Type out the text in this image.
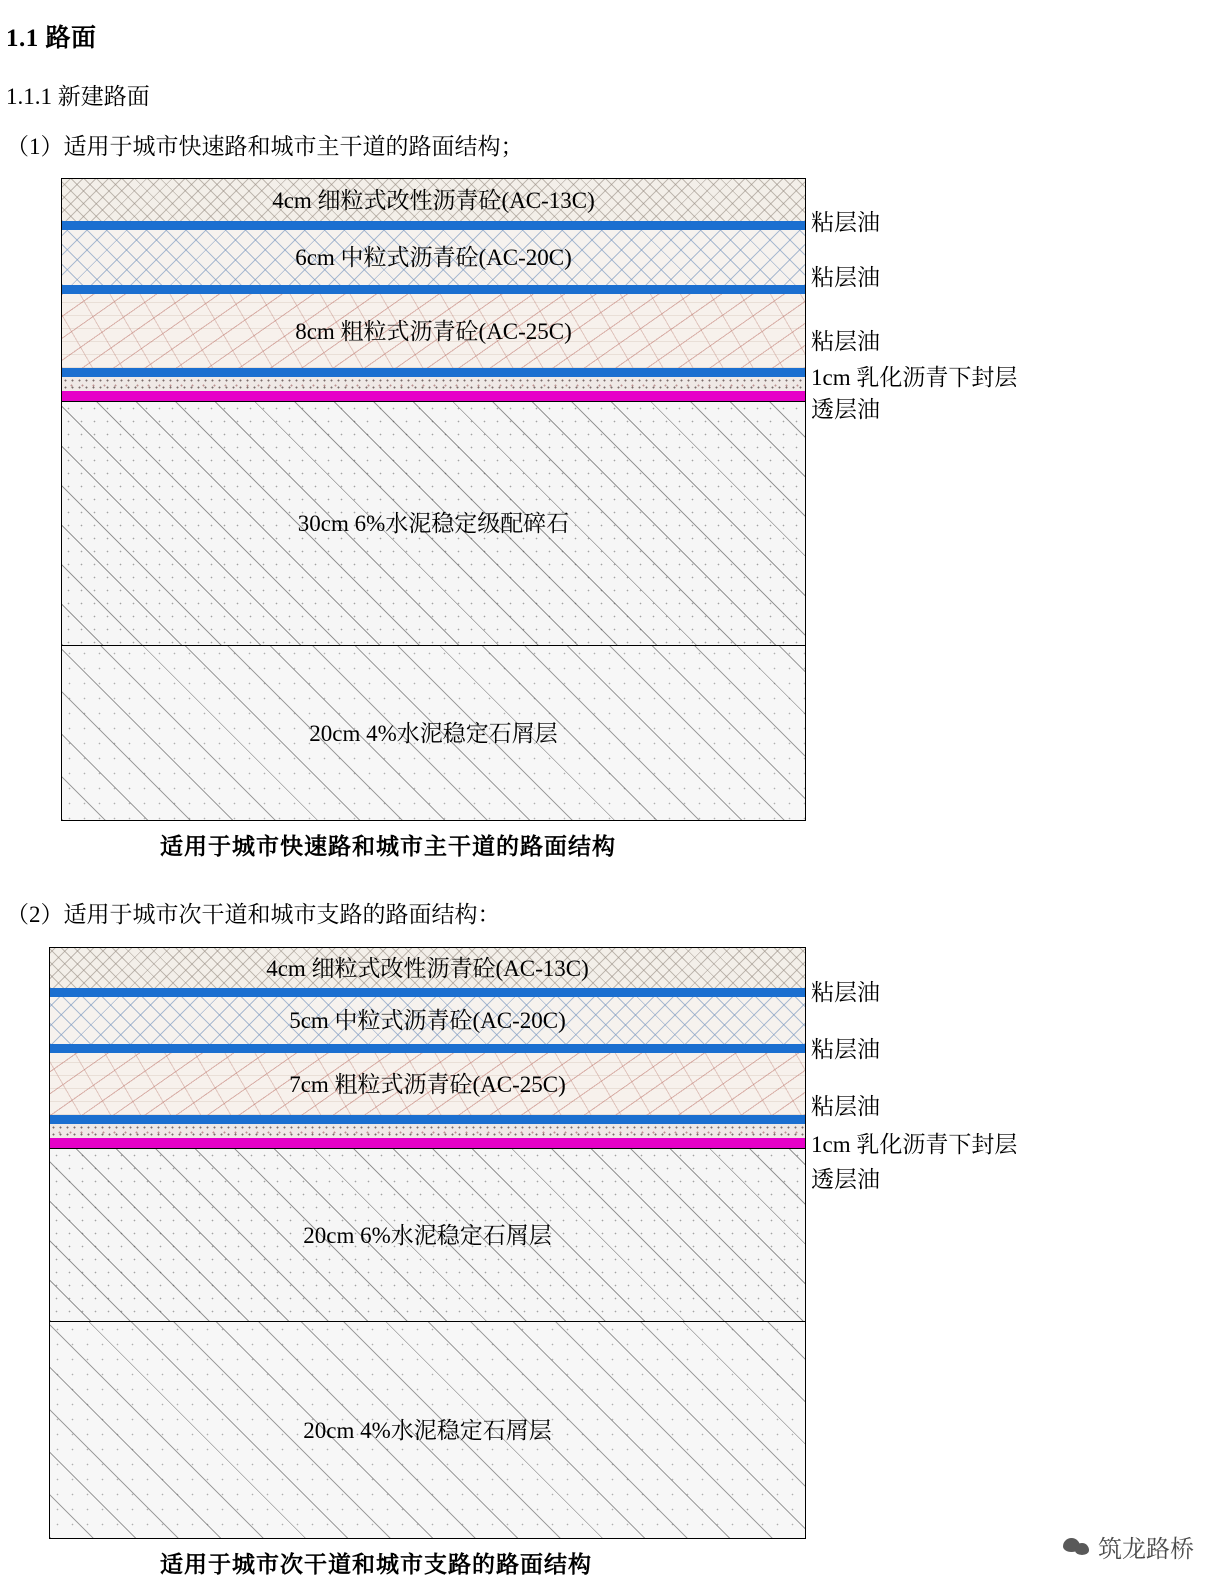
1.1 路面
1.1.1 新建路面
（1）适用于城市快速路和城市主干道的路面结构；
（2）适用于城市次干道和城市支路的路面结构：
4cm 细粒式改性沥青砼(AC-13C)
6cm 中粒式沥青砼(AC-20C)
8cm 粗粒式沥青砼(AC-25C)
30cm 6%水泥稳定级配碎石
20cm 4%水泥稳定石屑层
粘层油
粘层油
粘层油
1cm 乳化沥青下封层
透层油
适用于城市快速路和城市主干道的路面结构
4cm 细粒式改性沥青砼(AC-13C)
5cm 中粒式沥青砼(AC-20C)
7cm 粗粒式沥青砼(AC-25C)
20cm 6%水泥稳定石屑层
20cm 4%水泥稳定石屑层
粘层油
粘层油
粘层油
1cm 乳化沥青下封层
透层油
适用于城市次干道和城市支路的路面结构
筑龙路桥
